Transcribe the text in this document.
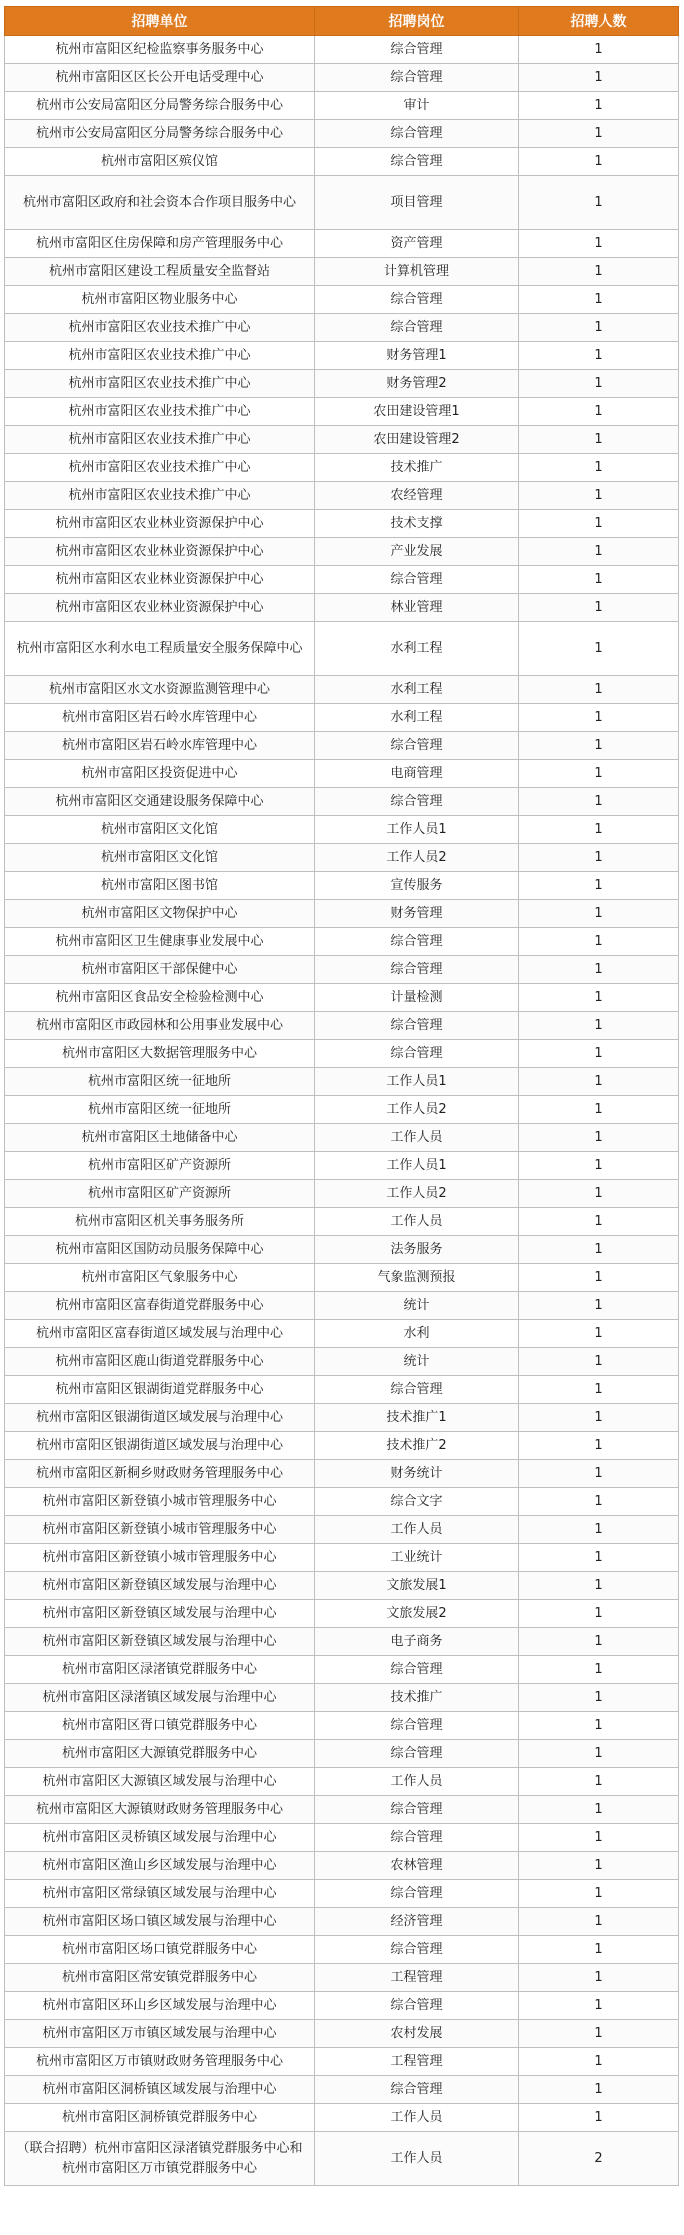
招聘单位	招聘岗位	招聘人数
杭州市富阳区纪检监察事务服务中心	综合管理	1
杭州市富阳区区长公开电话受理中心	综合管理	1
杭州市公安局富阳区分局警务综合服务中心	审计	1
杭州市公安局富阳区分局警务综合服务中心	综合管理	1
杭州市富阳区殡仪馆	综合管理	1
杭州市富阳区政府和社会资本合作项目服务中心	项目管理	1
杭州市富阳区住房保障和房产管理服务中心	资产管理	1
杭州市富阳区建设工程质量安全监督站	计算机管理	1
杭州市富阳区物业服务中心	综合管理	1
杭州市富阳区农业技术推广中心	综合管理	1
杭州市富阳区农业技术推广中心	财务管理1	1
杭州市富阳区农业技术推广中心	财务管理2	1
杭州市富阳区农业技术推广中心	农田建设管理1	1
杭州市富阳区农业技术推广中心	农田建设管理2	1
杭州市富阳区农业技术推广中心	技术推广	1
杭州市富阳区农业技术推广中心	农经管理	1
杭州市富阳区农业林业资源保护中心	技术支撑	1
杭州市富阳区农业林业资源保护中心	产业发展	1
杭州市富阳区农业林业资源保护中心	综合管理	1
杭州市富阳区农业林业资源保护中心	林业管理	1
杭州市富阳区水利水电工程质量安全服务保障中心	水利工程	1
杭州市富阳区水文水资源监测管理中心	水利工程	1
杭州市富阳区岩石岭水库管理中心	水利工程	1
杭州市富阳区岩石岭水库管理中心	综合管理	1
杭州市富阳区投资促进中心	电商管理	1
杭州市富阳区交通建设服务保障中心	综合管理	1
杭州市富阳区文化馆	工作人员1	1
杭州市富阳区文化馆	工作人员2	1
杭州市富阳区图书馆	宣传服务	1
杭州市富阳区文物保护中心	财务管理	1
杭州市富阳区卫生健康事业发展中心	综合管理	1
杭州市富阳区干部保健中心	综合管理	1
杭州市富阳区食品安全检验检测中心	计量检测	1
杭州市富阳区市政园林和公用事业发展中心	综合管理	1
杭州市富阳区大数据管理服务中心	综合管理	1
杭州市富阳区统一征地所	工作人员1	1
杭州市富阳区统一征地所	工作人员2	1
杭州市富阳区土地储备中心	工作人员	1
杭州市富阳区矿产资源所	工作人员1	1
杭州市富阳区矿产资源所	工作人员2	1
杭州市富阳区机关事务服务所	工作人员	1
杭州市富阳区国防动员服务保障中心	法务服务	1
杭州市富阳区气象服务中心	气象监测预报	1
杭州市富阳区富春街道党群服务中心	统计	1
杭州市富阳区富春街道区域发展与治理中心	水利	1
杭州市富阳区鹿山街道党群服务中心	统计	1
杭州市富阳区银湖街道党群服务中心	综合管理	1
杭州市富阳区银湖街道区域发展与治理中心	技术推广1	1
杭州市富阳区银湖街道区域发展与治理中心	技术推广2	1
杭州市富阳区新桐乡财政财务管理服务中心	财务统计	1
杭州市富阳区新登镇小城市管理服务中心	综合文字	1
杭州市富阳区新登镇小城市管理服务中心	工作人员	1
杭州市富阳区新登镇小城市管理服务中心	工业统计	1
杭州市富阳区新登镇区域发展与治理中心	文旅发展1	1
杭州市富阳区新登镇区域发展与治理中心	文旅发展2	1
杭州市富阳区新登镇区域发展与治理中心	电子商务	1
杭州市富阳区渌渚镇党群服务中心	综合管理	1
杭州市富阳区渌渚镇区域发展与治理中心	技术推广	1
杭州市富阳区胥口镇党群服务中心	综合管理	1
杭州市富阳区大源镇党群服务中心	综合管理	1
杭州市富阳区大源镇区域发展与治理中心	工作人员	1
杭州市富阳区大源镇财政财务管理服务中心	综合管理	1
杭州市富阳区灵桥镇区域发展与治理中心	综合管理	1
杭州市富阳区渔山乡区域发展与治理中心	农林管理	1
杭州市富阳区常绿镇区域发展与治理中心	综合管理	1
杭州市富阳区场口镇区域发展与治理中心	经济管理	1
杭州市富阳区场口镇党群服务中心	综合管理	1
杭州市富阳区常安镇党群服务中心	工程管理	1
杭州市富阳区环山乡区域发展与治理中心	综合管理	1
杭州市富阳区万市镇区域发展与治理中心	农村发展	1
杭州市富阳区万市镇财政财务管理服务中心	工程管理	1
杭州市富阳区洞桥镇区域发展与治理中心	综合管理	1
杭州市富阳区洞桥镇党群服务中心	工作人员	1
（联合招聘）杭州市富阳区渌渚镇党群服务中心和杭州市富阳区万市镇党群服务中心	工作人员	2
